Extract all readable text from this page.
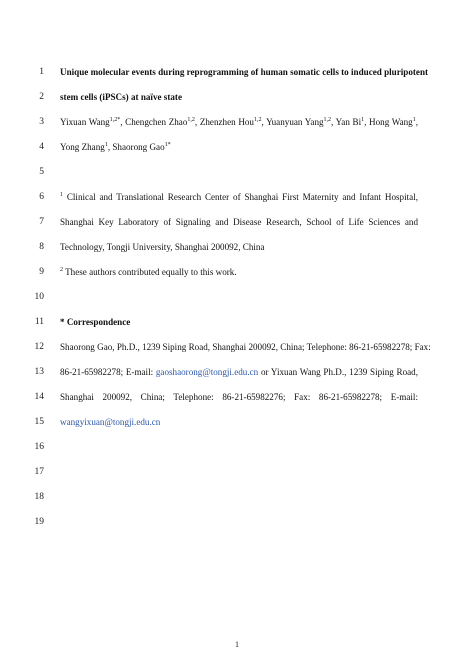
1 Unique molecular events during reprogramming of human somatic cells to induced pluripotent
2 stem cells (iPSCs) at naïve state
3 Yixuan Wang$^{1,2*}$, Chengchen Zhao$^{1,2}$, Zhenzhen Hou$^{1,2}$, Yuanyuan Yang$^{1,2}$, Yan Bi$^1$, Hong Wang$^1$,
4 Yong Zhang$^1$, Shaorong Gao$^{1*}$
5
6	$^1$ Clinical and Translational Research Center of Shanghai First Maternity and Infant Hospital,
7 Shanghai Key Laboratory of Signaling and Disease Research, School of Life Sciences and
8 Technology, Tongji University, Shanghai 200092, China
9	$^2$ These authors contributed equally to this work.
10
11 * Correspondence
12 Shaorong Gao, Ph.D., 1239 Siping Road, Shanghai 200092, China; Telephone: 86-21-65982278; Fax:
13 86-21-65982278; E-mail: gaoshaorong@tongji.edu.cn or Yixuan Wang Ph.D., 1239 Siping Road,
14 Shanghai 200092, China; Telephone: 86-21-65982276; Fax: 86-21-65982278; E-mail:
15 wangyixuan@tongji.edu.cn
16
17
18
19
1
